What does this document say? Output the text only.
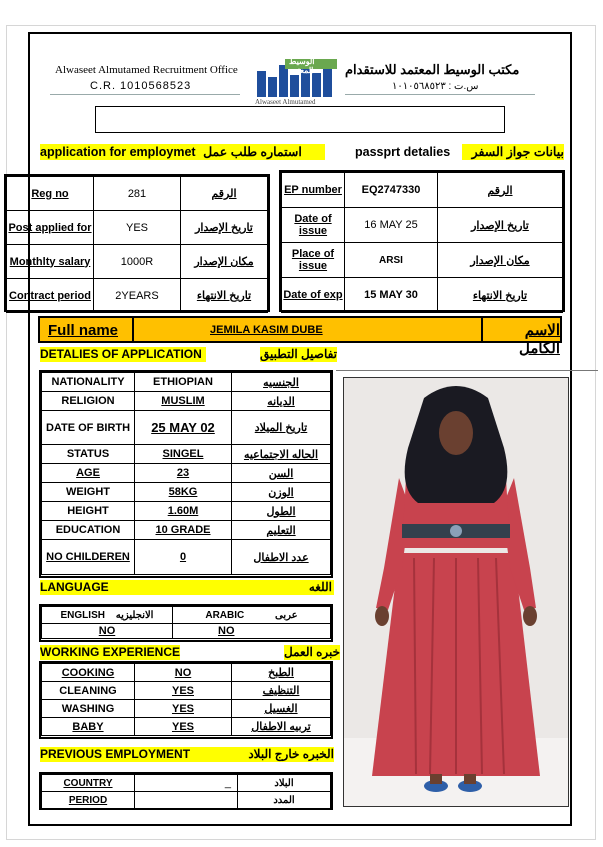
Alwaseet Almutamed Recruitment Office
C.R. 1010568523
مكتب الوسيط المعتمد للاستقدام
س.ت : ١٠١٠٥٦٨٥٢٣
الوسيط المعتمد
Alwaseet Almutamed
application for employmet استماره طلب عمل	passprt detalies	بيانات جواز السفر
Reg no	281	الرقم
Post applied for	YES	تاريخ الإصدار
Monthlty salary	1000R	مكان الإصدار
Contract period	2YEARS	تاريخ الانتهاء
EP number	EQ2747330	الرقم
Date of issue	16 MAY 25	تاريخ الإصدار
Place of issue	ARSI	مكان الإصدار
Date of exp	15 MAY 30	تاريخ الانتهاء
Full name	JEMILA KASIM DUBE	الاسم الكامل
DETALIES OF APPLICATION	تفاصيل التطبيق
NATIONALITY	ETHIOPIAN	الجنسيه
RELIGION	MUSLIM	الديانه
DATE OF BIRTH	25 MAY 02	تاريخ الميلاد
STATUS	SINGEL	الحاله الاجتماعيه
AGE	23	السن
WEIGHT	58KG	الوزن
HEIGHT	1.60M	الطول
EDUCATION	10 GRADE	التعليم
NO CHILDEREN	0	عدد الاطفال
LANGUAGE	اللغه
ENGLISH الانجليزيه	ARABIC عربى
NO	NO
WORKING EXPERIENCE	خبره العمل
COOKING	NO	الطبخ
CLEANING	YES	التنظيف
WASHING	YES	الغسيل
BABY	YES	تربيه الاطفال
PREVIOUS EMPLOYMENT	الخبره خارج البلاد
COUNTRY	_	البلاد
PERIOD		المدد
